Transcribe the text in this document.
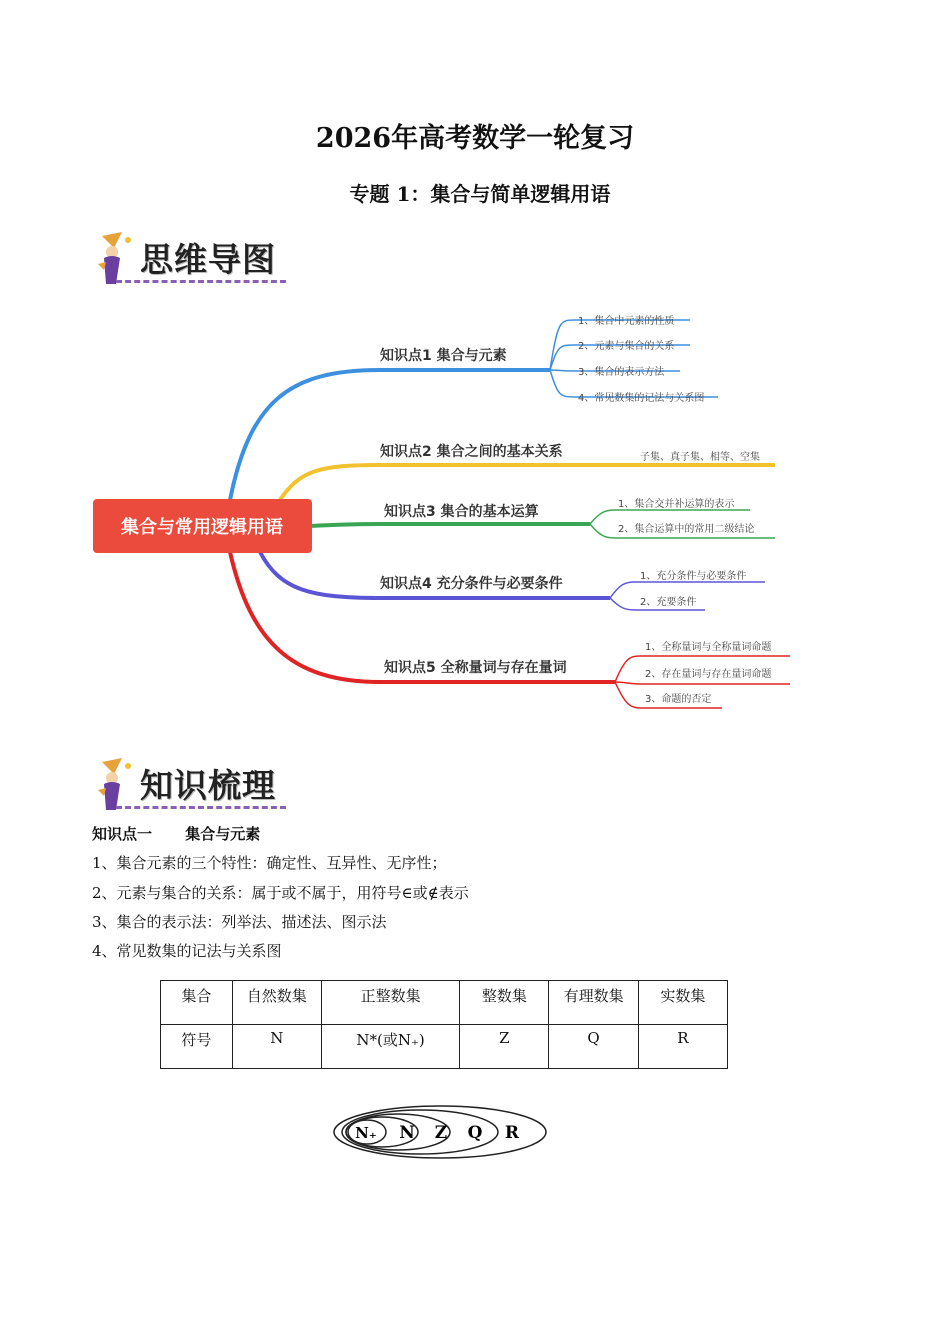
2026年高考数学一轮复习
专题 1：集合与简单逻辑用语
思维导图
集合与常用逻辑用语
知识点1 集合与元素
知识点2 集合之间的基本关系
知识点3 集合的基本运算
知识点4 充分条件与必要条件
知识点5 全称量词与存在量词
1、集合中元素的性质
2、元素与集合的关系
3、集合的表示方法
4、常见数集的记法与关系图
子集、真子集、相等、空集
1、集合交并补运算的表示
2、集合运算中的常用二级结论
1、充分条件与必要条件
2、充要条件
1、全称量词与全称量词命题
2、存在量词与存在量词命题
3、命题的否定
知识梳理
知识点一 集合与元素
1、集合元素的三个特性：确定性、互异性、无序性；
2、元素与集合的关系：属于或不属于，用符号∈或∉表示
3、集合的表示法：列举法、描述法、图示法
4、常见数集的记法与关系图
集合	自然数集	正整数集	整数集	有理数集	实数集
符号	N	N*(或N₊)	Z	Q	R
N₊ N Z Q R
